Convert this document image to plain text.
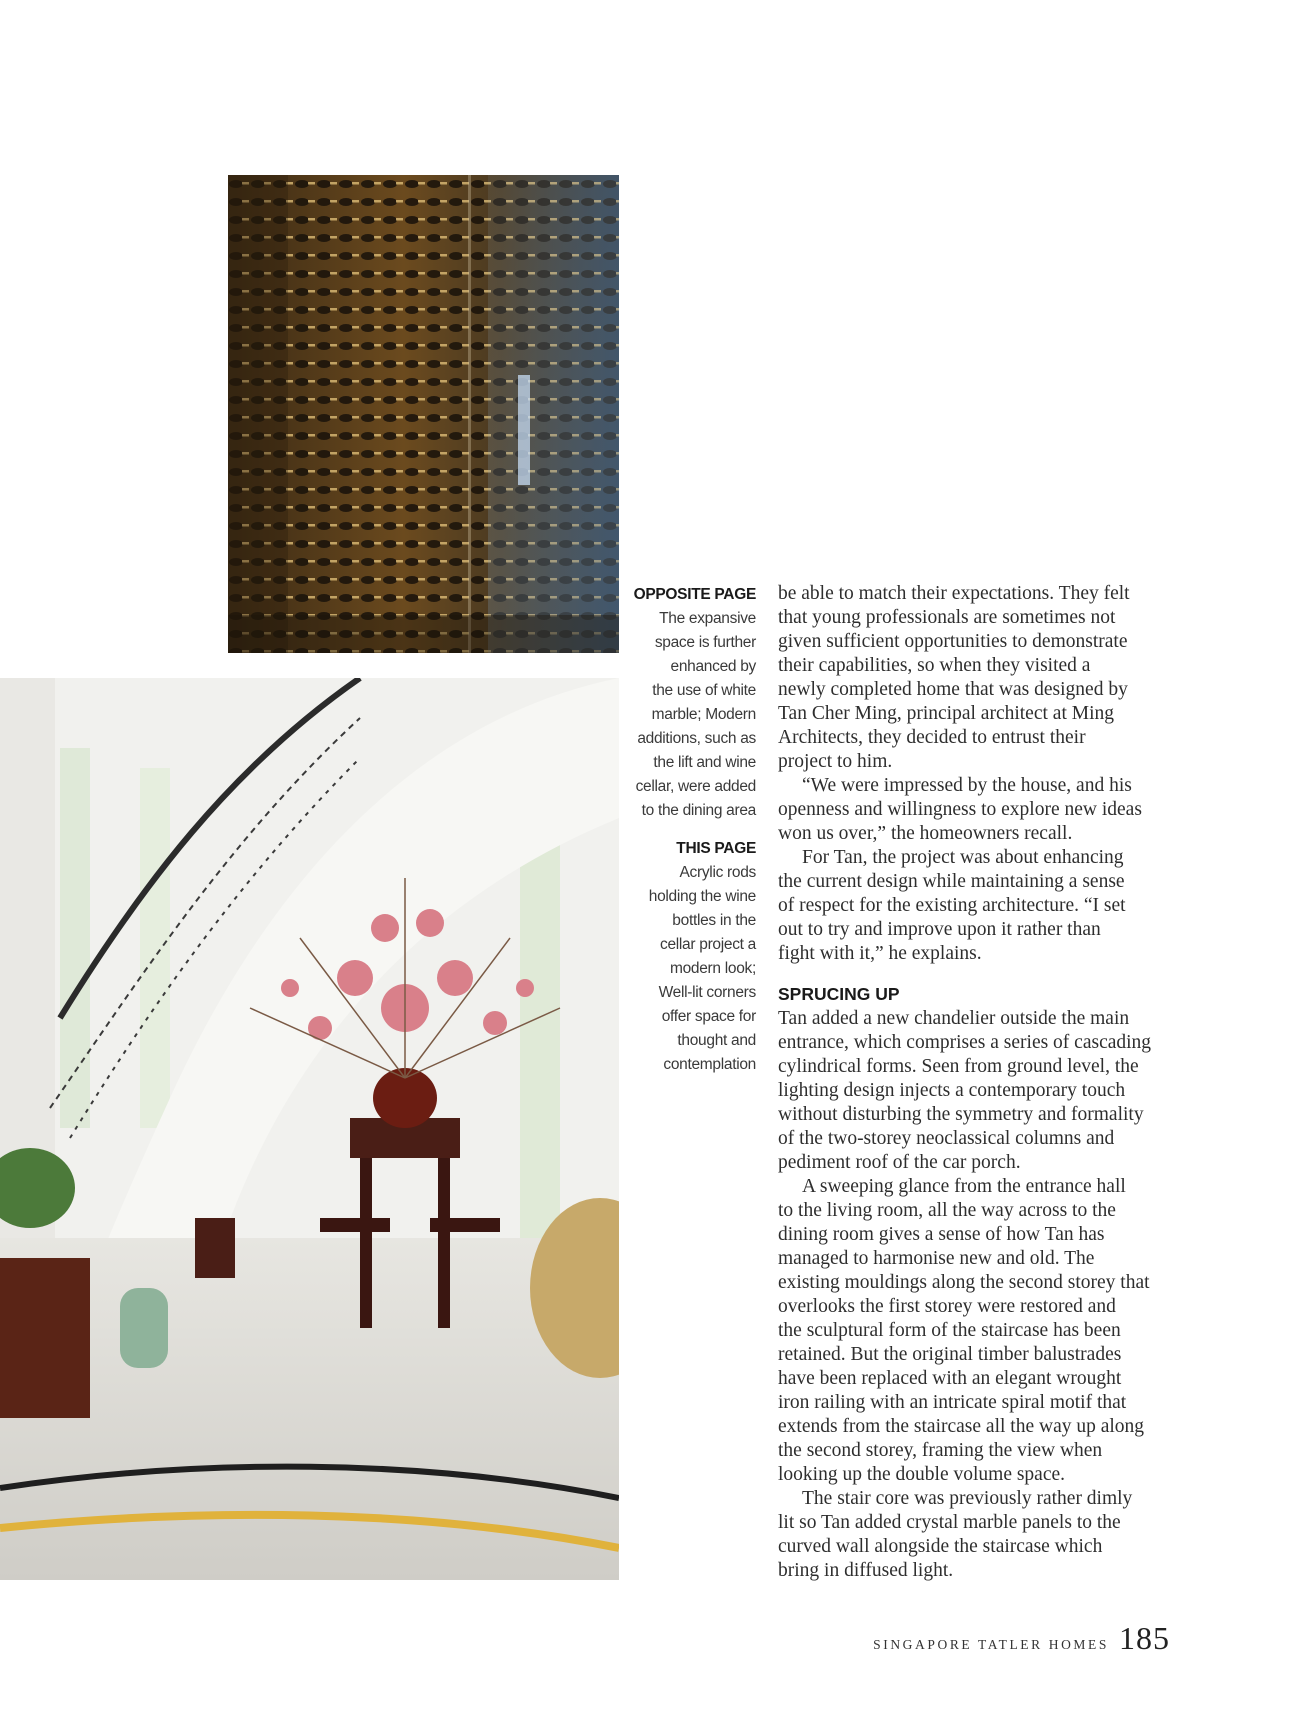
OPPOSITE PAGE
The expansive
space is further
enhanced by
the use of white
marble; Modern
additions, such as
the lift and wine
cellar, were added
to the dining area
THIS PAGE
Acrylic rods
holding the wine
bottles in the
cellar project a
modern look;
Well-lit corners
offer space for
thought and
contemplation
be able to match their expectations. They felt
that young professionals are sometimes not
given sufficient opportunities to demonstrate
their capabilities, so when they visited a
newly completed home that was designed by
Tan Cher Ming, principal architect at Ming
Architects, they decided to entrust their
project to him.
“We were impressed by the house, and his
openness and willingness to explore new ideas
won us over,” the homeowners recall.
For Tan, the project was about enhancing
the current design while maintaining a sense
of respect for the existing architecture. “I set
out to try and improve upon it rather than
fight with it,” he explains.
SPRUCING UP
Tan added a new chandelier outside the main
entrance, which comprises a series of cascading
cylindrical forms. Seen from ground level, the
lighting design injects a contemporary touch
without disturbing the symmetry and formality
of the two-storey neoclassical columns and
pediment roof of the car porch.
A sweeping glance from the entrance hall
to the living room, all the way across to the
dining room gives a sense of how Tan has
managed to harmonise new and old. The
existing mouldings along the second storey that
overlooks the first storey were restored and
the sculptural form of the staircase has been
retained. But the original timber balustrades
have been replaced with an elegant wrought
iron railing with an intricate spiral motif that
extends from the staircase all the way up along
the second storey, framing the view when
looking up the double volume space.
The stair core was previously rather dimly
lit so Tan added crystal marble panels to the
curved wall alongside the staircase which
bring in diffused light.
SINGAPORE TATLER HOMES 185
